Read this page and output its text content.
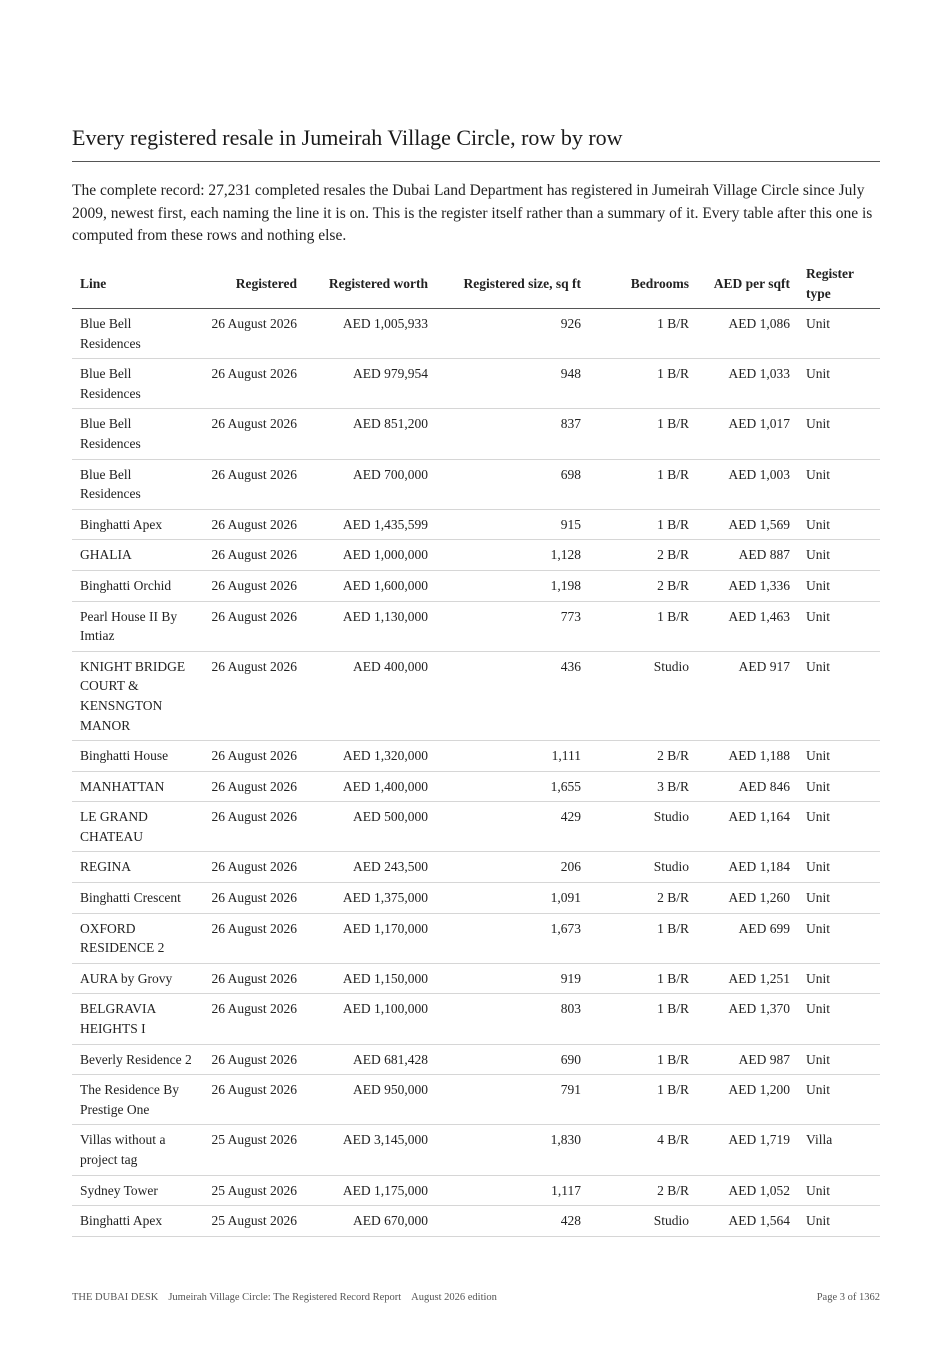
Every registered resale in Jumeirah Village Circle, row by row

The complete record: 27,231 completed resales the Dubai Land Department has registered in Jumeirah Village Circle since July 2009, newest first, each naming the line it is on. This is the register itself rather than a summary of it. Every table after this one is computed from these rows and nothing else.

Line	Registered	Registered worth	Registered size, sq ft	Bedrooms	AED per sqft	Register type
Blue Bell Residences	26 August 2026	AED 1,005,933	926	1 B/R	AED 1,086	Unit
Blue Bell Residences	26 August 2026	AED 979,954	948	1 B/R	AED 1,033	Unit
Blue Bell Residences	26 August 2026	AED 851,200	837	1 B/R	AED 1,017	Unit
Blue Bell Residences	26 August 2026	AED 700,000	698	1 B/R	AED 1,003	Unit
Binghatti Apex	26 August 2026	AED 1,435,599	915	1 B/R	AED 1,569	Unit
GHALIA	26 August 2026	AED 1,000,000	1,128	2 B/R	AED 887	Unit
Binghatti Orchid	26 August 2026	AED 1,600,000	1,198	2 B/R	AED 1,336	Unit
Pearl House II By Imtiaz	26 August 2026	AED 1,130,000	773	1 B/R	AED 1,463	Unit
KNIGHT BRIDGE COURT & KENSNGTON MANOR	26 August 2026	AED 400,000	436	Studio	AED 917	Unit
Binghatti House	26 August 2026	AED 1,320,000	1,111	2 B/R	AED 1,188	Unit
MANHATTAN	26 August 2026	AED 1,400,000	1,655	3 B/R	AED 846	Unit
LE GRAND CHATEAU	26 August 2026	AED 500,000	429	Studio	AED 1,164	Unit
REGINA	26 August 2026	AED 243,500	206	Studio	AED 1,184	Unit
Binghatti Crescent	26 August 2026	AED 1,375,000	1,091	2 B/R	AED 1,260	Unit
OXFORD RESIDENCE 2	26 August 2026	AED 1,170,000	1,673	1 B/R	AED 699	Unit
AURA by Grovy	26 August 2026	AED 1,150,000	919	1 B/R	AED 1,251	Unit
BELGRAVIA HEIGHTS I	26 August 2026	AED 1,100,000	803	1 B/R	AED 1,370	Unit
Beverly Residence 2	26 August 2026	AED 681,428	690	1 B/R	AED 987	Unit
The Residence By Prestige One	26 August 2026	AED 950,000	791	1 B/R	AED 1,200	Unit
Villas without a project tag	25 August 2026	AED 3,145,000	1,830	4 B/R	AED 1,719	Villa
Sydney Tower	25 August 2026	AED 1,175,000	1,117	2 B/R	AED 1,052	Unit
Binghatti Apex	25 August 2026	AED 670,000	428	Studio	AED 1,564	Unit
THE DUBAI DESK Jumeirah Village Circle: The Registered Record Report August 2026 edition	Page 3 of 1362
